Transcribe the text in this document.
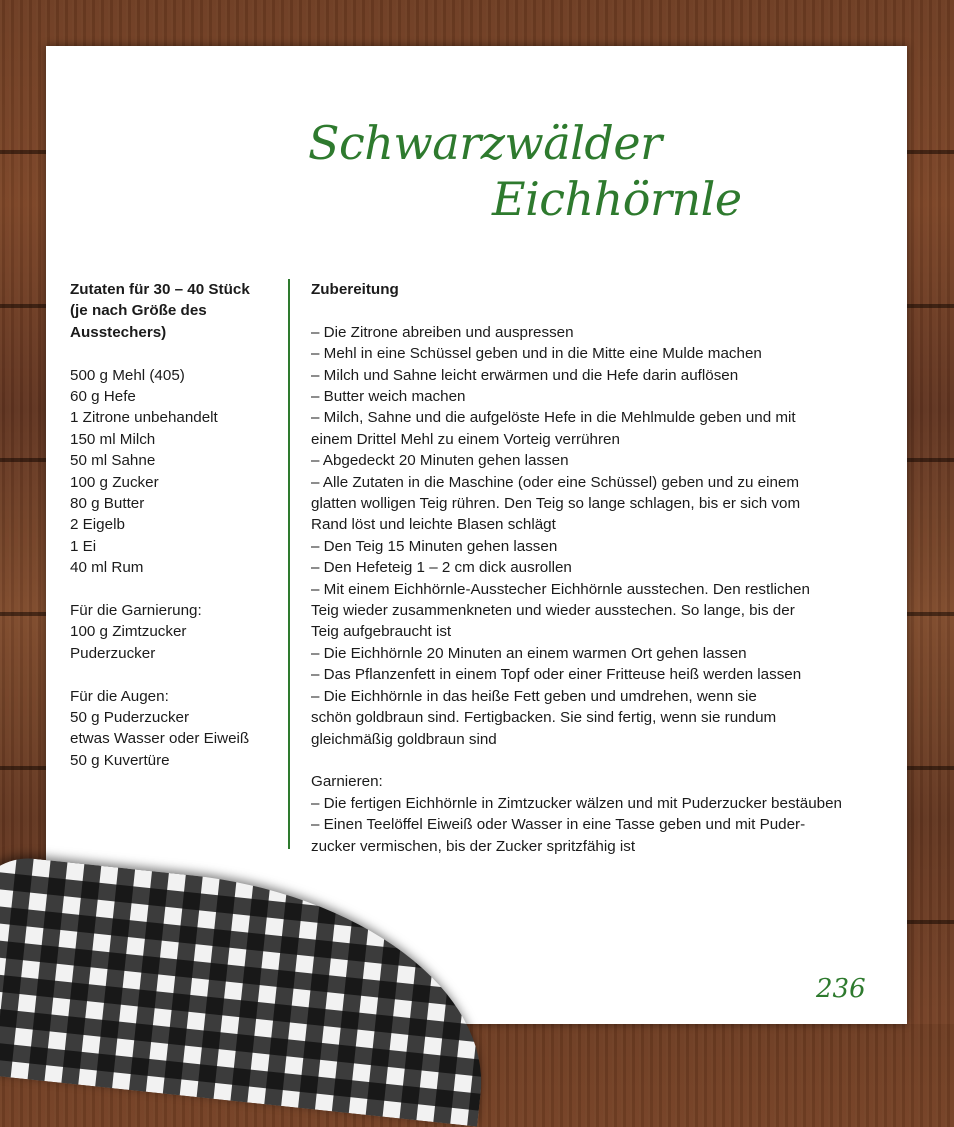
Schwarzwälder
Eichhörnle
Zutaten für 30 – 40 Stück
(je nach Größe des
Ausstechers)
500 g Mehl (405)
60 g Hefe
1 Zitrone unbehandelt
150 ml Milch
50 ml Sahne
100 g Zucker
80 g Butter
2 Eigelb
1 Ei
40 ml Rum
Für die Garnierung:
100 g Zimtzucker
Puderzucker
Für die Augen:
50 g Puderzucker
etwas Wasser oder Eiweiß
50 g Kuvertüre
Zubereitung
– Die Zitrone abreiben und auspressen
– Mehl in eine Schüssel geben und in die Mitte eine Mulde machen
– Milch und Sahne leicht erwärmen und die Hefe darin auflösen
– Butter weich machen
– Milch, Sahne und die aufgelöste Hefe in die Mehlmulde geben und mit
einem Drittel Mehl zu einem Vorteig verrühren
– Abgedeckt 20 Minuten gehen lassen
– Alle Zutaten in die Maschine (oder eine Schüssel) geben und zu einem
glatten wolligen Teig rühren. Den Teig so lange schlagen, bis er sich vom
Rand löst und leichte Blasen schlägt
– Den Teig 15 Minuten gehen lassen
– Den Hefeteig 1 – 2 cm dick ausrollen
– Mit einem Eichhörnle-Ausstecher Eichhörnle ausstechen. Den restlichen
Teig wieder zusammenkneten und wieder ausstechen. So lange, bis der
Teig aufgebraucht ist
– Die Eichhörnle 20 Minuten an einem warmen Ort gehen lassen
– Das Pflanzenfett in einem Topf oder einer Fritteuse heiß werden lassen
– Die Eichhörnle in das heiße Fett geben und umdrehen, wenn sie
schön goldbraun sind. Fertigbacken. Sie sind fertig, wenn sie rundum
gleichmäßig goldbraun sind
Garnieren:
– Die fertigen Eichhörnle in Zimtzucker wälzen und mit Puderzucker bestäuben
– Einen Teelöffel Eiweiß oder Wasser in eine Tasse geben und mit Puder-
zucker vermischen, bis der Zucker spritzfähig ist
236
